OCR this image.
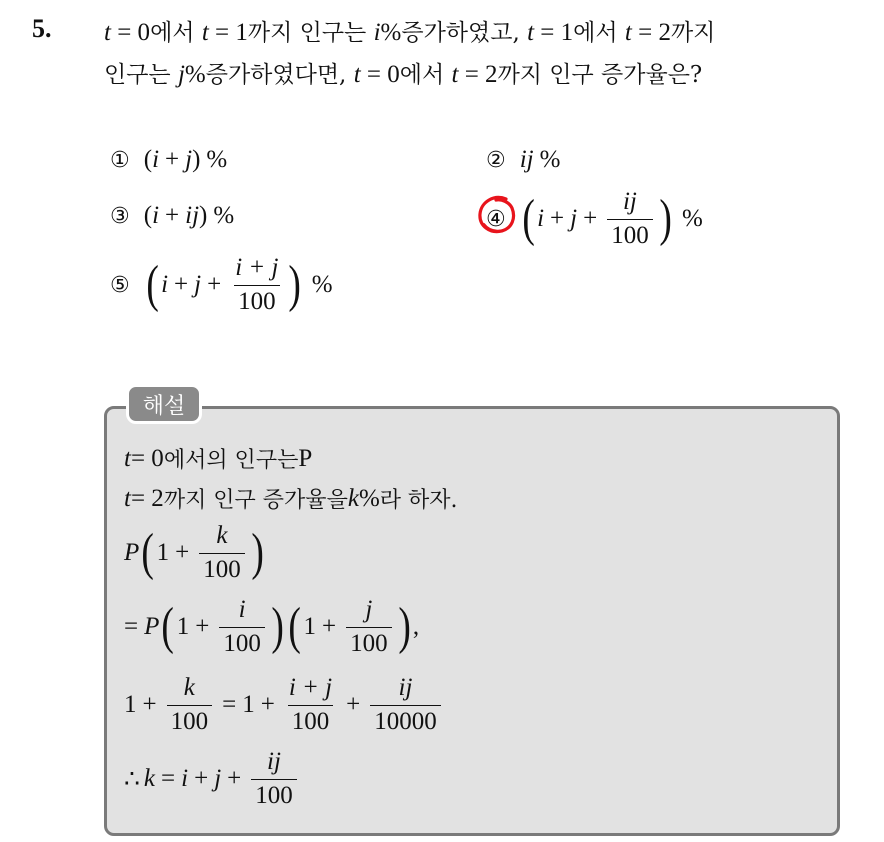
5. t = 0에서 t = 1까지 인구는 i%증가하였고, t = 1에서 t = 2까지
인구는 j%증가하였다면, t = 0에서 t = 2까지 인구 증가율은?
① ( i + j ) %	② ij %
③ ( i + ij ) %	④ ( $i + j + \frac{ij}{100}$ ) %
⑤ ( $i + j + \frac{i + j}{100}$ ) %
해설
t = 0 에서의 인구는 P
t = 2 까지 인구 증가율을 k % 라 하자.
P ( $1 + \frac{k}{100}$ )
= P ( $1 + \frac{i}{100}$ ) ( $1 + \frac{j}{100}$ ) ,
$1 + \frac{k}{100} = 1 + \frac{i + j}{100} + \frac{ij}{10000}$
∴ $k = i + j + \frac{ij}{100}$
